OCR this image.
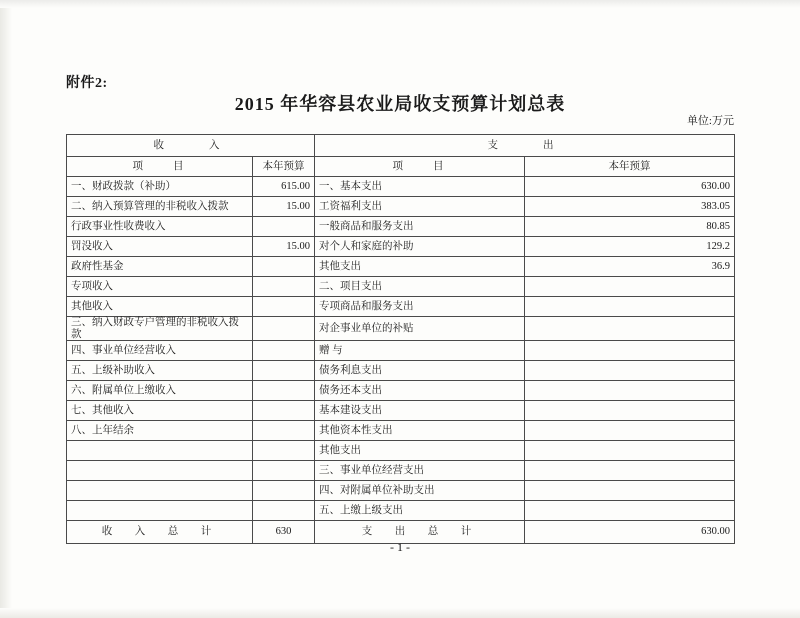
附件2:
2015 年华容县农业局收支预算计划总表
单位:万元
收　　入		支　　出	
项　　目	本年预算	项　　目	本年预算
一、财政拨款（补助）	615.00	一、基本支出	630.00
二、纳入预算管理的非税收入拨款	15.00	工资福利支出	383.05
行政事业性收费收入		一般商品和服务支出	80.85
罚没收入	15.00	对个人和家庭的补助	129.2
政府性基金		其他支出	36.9
专项收入		二、项目支出	
其他收入		专项商品和服务支出	
三、纳入财政专户管理的非税收入拨款		对企事业单位的补贴	
四、事业单位经营收入		赠 与	
五、上级补助收入		债务利息支出	
六、附属单位上缴收入		债务还本支出	
七、其他收入		基本建设支出	
八、上年结余		其他资本性支出	
		其他支出	
		三、事业单位经营支出	
		四、对附属单位补助支出	
		五、上缴上级支出	
收　入　总　计	630	支　出　总　计	630.00
- 1 -
